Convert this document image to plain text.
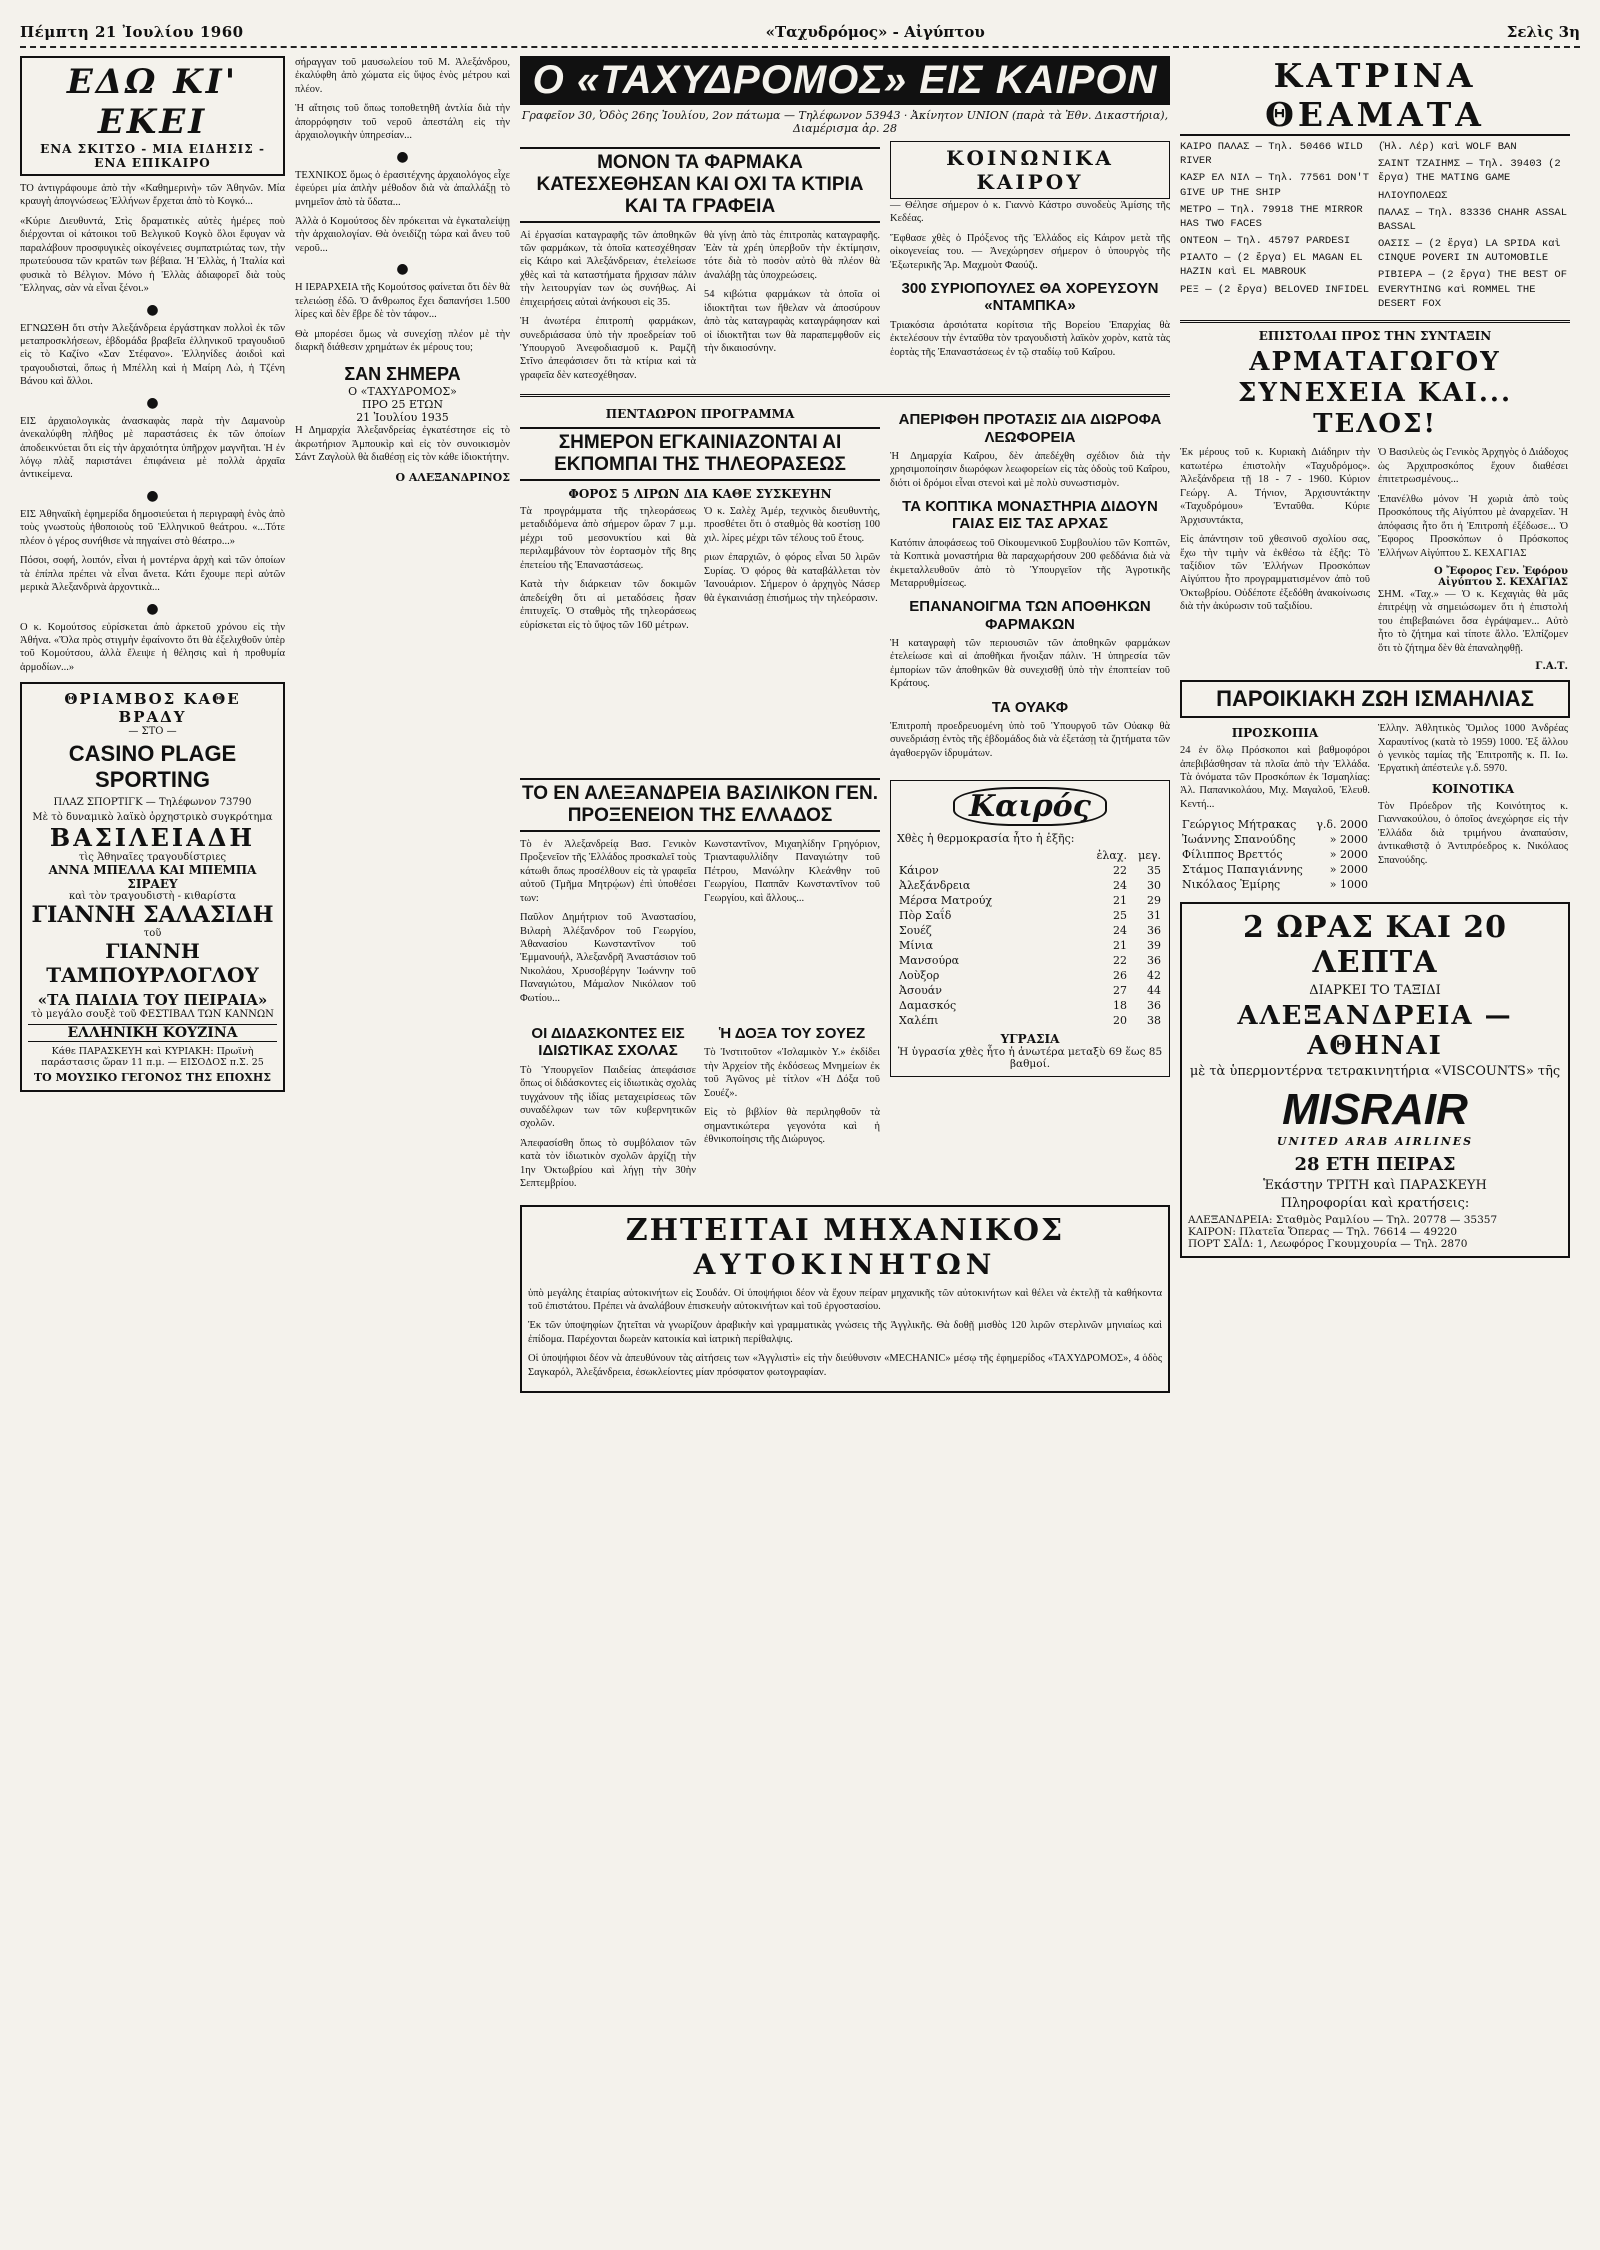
Πέμπτη 21 Ἰουλίου 1960	«Ταχυδρόμος» - Αἰγύπτου	Σελὶς 3η
ΕΔΩ ΚΙ' ΕΚΕΙ
ΕΝΑ ΣΚΙΤΣΟ - ΜΙΑ ΕΙΔΗΣΙΣ - ΕΝΑ ΕΠΙΚΑΙΡΟ

ΤΟ ἀντιγράφουμε ἀπὸ τὴν «Καθημερινὴ» τῶν Ἀθηνῶν. Μία κραυγὴ ἀπογνώσεως Ἑλλήνων ἔρχεται ἀπὸ τὸ Κογκό...

«Κύριε Διευθυντά, Στὶς δραματικὲς αὐτὲς ἡμέρες ποὺ διέρχονται οἱ κάτοικοι τοῦ Βελγικοῦ Κογκὸ ὅλοι ἔφυγαν νὰ παραλάβουν προσφυγικὲς οἰκογένειες συμπατριώτας των, τὴν πρωτεύουσα τῶν κρατῶν των βέβαια. Ἡ Ἑλλὰς, ἡ Ἰταλία καὶ φυσικὰ τὸ Βέλγιον. Μόνο ἡ Ἑλλὰς ἀδιαφορεῖ διὰ τοὺς Ἕλληνας, σὰν νὰ εἶναι ξένοι.»

●

ΕΓΝΩΣΘΗ ὅτι στὴν Ἀλεξάνδρεια ἐργάστηκαν πολλοὶ ἐκ τῶν μεταπροσκλήσεων, ἑβδομάδα βραβεῖα ἑλληνικοῦ τραγουδιοῦ εἰς τὸ Καζίνο «Σαν Στέφανο». Ἑλληνίδες ἀοιδοὶ καὶ τραγουδισταὶ, ὅπως ἡ Μπέλλη καὶ ἡ Μαίρη Λὼ, ἡ Τζένη Βάνου καὶ ἄλλοι.

●

ΕΙΣ ἀρχαιολογικὰς ἀνασκαφὰς παρὰ τὴν Δαμανοὺρ ἀνεκαλύφθη πλῆθος μὲ παραστάσεις ἐκ τῶν ὁποίων ἀποδεικνύεται ὅτι εἰς τὴν ἀρχαιότητα ὑπῆρχον μαγνῆται. Ἡ ἐν λόγῳ πλὰξ παριστάνει ἐπιφάνεια μὲ πολλὰ ἀρχαῖα ἀντικείμενα.

●

ΕΙΣ Ἀθηναϊκὴ ἐφημερίδα δημοσιεύεται ἡ περιγραφὴ ἑνὸς ἀπὸ τοὺς γνωστοὺς ἡθοποιοὺς τοῦ Ἑλληνικοῦ θεάτρου. «...Τότε πλέον ὁ γέρος συνήθισε νὰ πηγαίνει στὸ θέατρο...»

Πόσοι, σοφή, λοιπόν, εἶναι ἡ μοντέρνα ἀρχὴ καὶ τῶν ὁποίων τὰ ἐπίπλα πρέπει νὰ εἶναι ἄνετα. Κάτι ἔχουμε περὶ αὐτῶν μερικὰ Ἀλεξανδρινὰ ἀρχοντικὰ...

●

Ο κ. Κομούτσος εὐρίσκεται ἀπὸ ἀρκετοῦ χρόνου εἰς τὴν Ἀθήνα. «Ὅλα πρὸς στιγμὴν ἐφαίνοντο ὅτι θὰ ἐξελιχθοῦν ὑπὲρ τοῦ Κομούτσου, ἀλλὰ ἔλειψε ἡ θέλησις καὶ ἡ προθυμία ἀρμοδίων...»

ΘΡΙΑΜΒΟΣ ΚΑΘΕ ΒΡΑΔΥ
— ΣΤΟ —
CASINO PLAGE SPORTING
ΠΛΑΖ ΣΠΟΡΤΙΓΚ — Τηλέφωνον 73790
Μὲ τὸ δυναμικὸ λαϊκὸ ὀρχηστρικὸ συγκρότημα
ΒΑΣΙΛΕΙΑΔΗ
τὶς Ἀθηναῖες τραγουδίστριες
ΑΝΝΑ ΜΠΕΛΛΑ ΚΑΙ ΜΠΕΜΠΑ ΣΙΡΑΕΥ
καὶ τὸν τραγουδιστὴ - κιθαρίστα
ΓΙΑΝΝΗ ΣΑΛΑΣΙΔΗ
τοῦ
ΓΙΑΝΝΗ ΤΑΜΠΟΥΡΛΟΓΛΟΥ
«ΤΑ ΠΑΙΔΙΑ ΤΟΥ ΠΕΙΡΑΙΑ»
τὸ μεγάλο σουξὲ τοῦ ΦΕΣΤΙΒΑΛ ΤΩΝ ΚΑΝΝΩΝ
ΕΛΛΗΝΙΚΗ ΚΟΥΖΙΝΑ
Κάθε ΠΑΡΑΣΚΕΥΗ καὶ ΚΥΡΙΑΚΗ: Πρωϊνὴ παράστασις ὥραν 11 π.μ. — ΕΙΣΟΔΟΣ π.Σ. 25
ΤΟ ΜΟΥΣΙΚΟ ΓΕΓΟΝΟΣ ΤΗΣ ΕΠΟΧΗΣ

σήραγγαν τοῦ μαυσωλείου τοῦ Μ. Ἀλεξάνδρου, ἐκαλύφθη ἀπὸ χώματα εἰς ὕψος ἑνὸς μέτρου καὶ πλέον.

Ἡ αἴτησις τοῦ ὅπως τοποθετηθῆ ἀντλία διὰ τὴν ἀπορρόφησιν τοῦ νεροῦ ἀπεστάλη εἰς τὴν ἀρχαιολογικὴν ὑπηρεσίαν...

●

ΤΕΧΝΙΚΟΣ ὅμως ὁ ἐρασιτέχνης ἀρχαιολόγος εἶχε ἐφεύρει μία ἀπλὴν μέθοδον διὰ νὰ ἀπαλλάξῃ τὸ μνημεῖον ἀπὸ τὰ ὕδατα...

Ἀλλὰ ὁ Κομούτσος δὲν πρόκειται νὰ ἐγκαταλείψῃ τὴν ἀρχαιολογίαν. Θὰ ὀνειδίζῃ τώρα καὶ ἄνευ τοῦ νεροῦ...

●

Η ΙΕΡΑΡΧΕΙΑ τῆς Κομούτσος φαίνεται ὅτι δὲν θὰ τελειώσῃ ἐδῶ. Ὁ ἄνθρωπος ἔχει δαπανήσει 1.500 λίρες καὶ δὲν ἔβρε δὲ τὸν τάφον...

Θὰ μπορέσει ὅμως νὰ συνεχίσῃ πλέον μὲ τὴν διαρκῆ διάθεσιν χρημάτων ἐκ μέρους του;

ΣΑΝ ΣΗΜΕΡΑ
Ο «ΤΑΧΥΔΡΟΜΟΣ»
ΠΡΟ 25 ΕΤΩΝ
21 Ἰουλίου 1935

Η Δημαρχία Ἀλεξανδρείας ἐγκατέστησε εἰς τὸ ἀκρωτήριον Ἀμπουκὶρ καὶ εἰς τὸν συνοικισμὸν Σάντ Ζαγλοὺλ θὰ διαθέσῃ εἰς τὸν κάθε ἰδιοκτήτην.

Ο ΑΛΕΞΑΝΔΡΙΝΟΣ
Ο «ΤΑΧΥΔΡΟΜΟΣ» ΕΙΣ ΚΑΙΡΟΝ
Γραφεῖον 30, Ὁδὸς 26ης Ἰουλίου, 2ον πάτωμα — Τηλέφωνον 53943 · Ἀκίνητον UNION (παρὰ τὰ Ἐθν. Δικαστήρια), Διαμέρισμα ἀρ. 28
ΜΟΝΟΝ ΤΑ ΦΑΡΜΑΚΑ ΚΑΤΕΣΧΕΘΗΣΑΝ ΚΑΙ ΟΧΙ ΤΑ ΚΤΙΡΙΑ ΚΑΙ ΤΑ ΓΡΑΦΕΙΑ

Αἱ ἐργασίαι καταγραφῆς τῶν ἀποθηκῶν τῶν φαρμάκων, τὰ ὁποῖα κατεσχέθησαν εἰς Κάιρο καὶ Ἀλεξάνδρειαν, ἐτελείωσε χθὲς καὶ τὰ καταστήματα ἤρχισαν πάλιν τὴν λειτουργίαν των ὡς συνήθως. Αἱ ἐπιχειρήσεις αὐταὶ ἀνήκουσι εἰς 35.

Ἡ ἀνωτέρα ἐπιτροπὴ φαρμάκων, συνεδριάσασα ὑπὸ τὴν προεδρείαν τοῦ Ὑπουργοῦ Ἀνεφοδιασμοῦ κ. Ραμζῆ Στῖνο ἀπεφάσισεν ὅτι τὰ κτίρια καὶ τὰ γραφεῖα δὲν κατεσχέθησαν.

θὰ γίνῃ ἀπὸ τὰς ἐπιτροπὰς καταγραφῆς. Ἐὰν τὰ χρέη ὑπερβοῦν τὴν ἐκτίμησιν, τότε διὰ τὸ ποσὸν αὐτὸ θὰ πλέον θὰ ἀναλάβῃ τὰς ὑποχρεώσεις.

54 κιβώτια φαρμάκων τὰ ὁποῖα οἱ ἰδιοκτῆται των ἤθελαν νὰ ἀποσύρουν ἀπὸ τὰς καταγραφὰς καταγράφησαν καὶ οἱ ἰδιοκτῆται των θὰ παραπεμφθοῦν εἰς τὴν δικαιοσύνην.

ΚΟΙΝΩΝΙΚΑ ΚΑΙΡΟΥ

— Θέλησε σήμερον ὁ κ. Γιαννὸ Κάστρο συνοδεὺς Ἀμίσης τῆς Κεδέας.

Ἔφθασε χθὲς ὁ Πρόξενος τῆς Ἑλλάδος εἰς Κάιρον μετὰ τῆς οἰκογενείας του. — Ἀνεχώρησεν σήμερον ὁ ὑπουργὸς τῆς Ἐξωτερικῆς Ἄρ. Μαχμοὺτ Φαούζι.

300 ΣΥΡΙΟΠΟΥΛΕΣ ΘΑ ΧΟΡΕΥΣΟΥΝ «ΝΤΑΜΠΚΑ»

Τριακόσια ἀρσιότατα κορίτσια τῆς Βορείου Ἐπαρχίας θὰ ἐκτελέσουν τὴν ἐνταῦθα τὸν τραγουδιστὴ λαϊκὸν χορὸν, κατὰ τὰς ἑορτὰς τῆς Ἐπαναστάσεως ἐν τῷ σταδίῳ τοῦ Καΐρου.

ΠΕΝΤΑΩΡΟΝ ΠΡΟΓΡΑΜΜΑ
ΣΗΜΕΡΟΝ ΕΓΚΑΙΝΙΑΖΟΝΤΑΙ ΑΙ ΕΚΠΟΜΠΑΙ ΤΗΣ ΤΗΛΕΟΡΑΣΕΩΣ
ΦΟΡΟΣ 5 ΛΙΡΩΝ ΔΙΑ ΚΑΘΕ ΣΥΣΚΕΥΗΝ

Τὰ προγράμματα τῆς τηλεοράσεως μεταδιδόμενα ἀπὸ σήμερον ὥραν 7 μ.μ. μέχρι τοῦ μεσονυκτίου καὶ θὰ περιλαμβάνουν τὸν ἑορτασμὸν τῆς 8ης ἐπετείου τῆς Ἐπαναστάσεως.

Κατὰ τὴν διάρκειαν τῶν δοκιμῶν ἀπεδείχθη ὅτι αἱ μεταδόσεις ἦσαν ἐπιτυχεῖς. Ὁ σταθμὸς τῆς τηλεοράσεως εὑρίσκεται εἰς τὸ ὕψος τῶν 160 μέτρων.

Ὁ κ. Σαλὲχ Ἀμέρ, τεχνικὸς διευθυντὴς, προσθέτει ὅτι ὁ σταθμὸς θὰ κοστίσῃ 100 χιλ. λίρες μέχρι τῶν τέλους τοῦ ἔτους.

ριων ἐπαρχιῶν, ὁ φόρος εἶναι 50 λιρῶν Συρίας. Ὁ φόρος θὰ καταβάλλεται τὸν Ἰανουάριον. Σήμερον ὁ ἀρχηγὸς Νάσερ θὰ ἐγκαινιάσῃ ἐπισήμως τὴν τηλεόρασιν.

ΑΠΕΡΙΦΘΗ ΠΡΟΤΑΣΙΣ ΔΙΑ ΔΙΩΡΟΦΑ ΛΕΩΦΟΡΕΙΑ

Ἡ Δημαρχία Καΐρου, δὲν ἀπεδέχθη σχέδιον διὰ τὴν χρησιμοποίησιν διωρόφων λεωφορείων εἰς τὰς ὁδοὺς τοῦ Καΐρου, διότι οἱ δρόμοι εἶναι στενοὶ καὶ μὲ πολὺ συνωστισμὸν.

ΤΑ ΚΟΠΤΙΚΑ ΜΟΝΑΣΤΗΡΙΑ ΔΙΔΟΥΝ ΓΑΙΑΣ ΕΙΣ ΤΑΣ ΑΡΧΑΣ

Κατόπιν ἀποφάσεως τοῦ Οἰκουμενικοῦ Συμβουλίου τῶν Κοπτῶν, τὰ Κοπτικὰ μοναστήρια θὰ παραχωρήσουν 200 φεδδάνια διὰ νὰ ἐκμεταλλευθοῦν ἀπὸ τὸ Ὑπουργεῖον τῆς Ἀγροτικῆς Μεταρρυθμίσεως.

ΕΠΑΝΑΝΟΙΓΜΑ ΤΩΝ ΑΠΟΘΗΚΩΝ ΦΑΡΜΑΚΩΝ

Ἡ καταγραφὴ τῶν περιουσιῶν τῶν ἀποθηκῶν φαρμάκων ἐτελείωσε καὶ αἱ ἀποθῆκαι ἤνοιξαν πάλιν. Ἡ ὑπηρεσία τῶν ἐμπορίων τῶν ἀποθηκῶν θὰ συνεχισθῇ ὑπὸ τὴν ἐποπτείαν τοῦ Κράτους.

ΤΑ ΟΥΑΚΦ

Ἐπιτροπὴ προεδρευομένη ὑπὸ τοῦ Ὑπουργοῦ τῶν Οὐακφ θὰ συνεδριάσῃ ἐντὸς τῆς ἑβδομάδος διὰ νὰ ἐξετάσῃ τὰ ζητήματα τῶν ἀγαθοεργῶν ἱδρυμάτων.

ΤΟ ΕΝ ΑΛΕΞΑΝΔΡΕΙΑ ΒΑΣΙΛΙΚΟΝ ΓΕΝ. ΠΡΟΞΕΝΕΙΟΝ ΤΗΣ ΕΛΛΑΔΟΣ

Τὸ ἐν Ἀλεξανδρείᾳ Βασ. Γενικὸν Προξενεῖον τῆς Ἑλλάδος προσκαλεῖ τοὺς κάτωθι ὅπως προσέλθουν εἰς τὰ γραφεῖα αὐτοῦ (Τμῆμα Μητρῴων) ἐπὶ ὑποθέσει των:

Παῦλον Δημήτριον τοῦ Ἀναστασίου, Βιλαρὴ Ἀλέξανδρον τοῦ Γεωργίου, Ἀθανασίου Κωνσταντῖνον τοῦ Ἐμμανουήλ, Ἀλεξανδρῆ Ἀναστάσιον τοῦ Νικολάου, Χρυσοβέργην Ἰωάννην τοῦ Παναγιώτου, Μάμαλον Νικόλαον τοῦ Φωτίου...

Κωνσταντῖνον, Μιχαηλίδην Γρηγόριον, Τριανταφυλλίδην Παναγιώτην τοῦ Πέτρου, Μανώλην Κλεάνθην τοῦ Γεωργίου, Παππᾶν Κωνσταντῖνον τοῦ Γεωργίου, καὶ ἄλλους...

ΟΙ ΔΙΔΑΣΚΟΝΤΕΣ ΕΙΣ ΙΔΙΩΤΙΚΑΣ ΣΧΟΛΑΣ

Τὸ Ὑπουργεῖον Παιδείας ἀπεφάσισε ὅπως οἱ διδάσκοντες εἰς ἰδιωτικὰς σχολὰς τυγχάνουν τῆς ἰδίας μεταχειρίσεως τῶν συναδέλφων των τῶν κυβερνητικῶν σχολῶν.

Ἀπεφασίσθη ὅπως τὸ συμβόλαιον τῶν κατὰ τὸν ἰδιωτικὸν σχολῶν ἀρχίζῃ τὴν 1ην Ὀκτωβρίου καὶ λήγῃ τὴν 30ὴν Σεπτεμβρίου.

Ἡ ΔΟΞΑ ΤΟΥ ΣΟΥΕΖ

Τὸ Ἰνστιτοῦτον «Ἰσλαμικὸν Υ.» ἐκδίδει τὴν Ἀρχείον τῆς ἐκδόσεως Μνημείων ἐκ τοῦ Ἀγῶνος μὲ τίτλον «Ἡ Δόξα τοῦ Σουέζ».

Εἰς τὸ βιβλίον θὰ περιληφθοῦν τὰ σημαντικώτερα γεγονότα καὶ ἡ ἐθνικοποίησις τῆς Διώρυγος.

Καιρός
Χθὲς ἡ θερμοκρασία ἦτο ἡ ἑξῆς:
	ἐλαχ.	μεγ.
Κάιρον	22	35
Ἀλεξάνδρεια	24	30
Μέρσα Ματρούχ	21	29
Πὸρ Σαΐδ	25	31
Σουέζ	24	36
Μίνια	21	39
Μανσούρα	22	36
Λοὺξορ	26	42
Ἀσουάν	27	44
Δαμασκός	18	36
Χαλέπι	20	38
ΥΓΡΑΣΙΑ
Ἡ ὑγρασία χθὲς ἦτο ἡ ἀνωτέρα μεταξὺ 69 ἕως 85 βαθμοί.
ΖΗΤΕΙΤΑΙ ΜΗΧΑΝΙΚΟΣ
ΑΥΤΟΚΙΝΗΤΩΝ

ὑπὸ μεγάλης ἑταιρίας αὐτοκινήτων εἰς Σουδάν. Οἱ ὑποψήφιοι δέον νὰ ἔχουν πείραν μηχανικῆς τῶν αὐτοκινήτων καὶ θέλει νὰ ἐκτελῇ τὰ καθήκοντα τοῦ ἐπιστάτου. Πρέπει νὰ ἀναλάβουν ἐπισκευὴν αὐτοκινήτων καὶ τοῦ ἐργοστασίου.

Ἐκ τῶν ὑποψηφίων ζητεῖται νὰ γνωρίζουν ἀραβικὴν καὶ γραμματικὰς γνώσεις τῆς Ἀγγλικῆς. Θὰ δοθῇ μισθὸς 120 λιρῶν στερλινῶν μηνιαίως καὶ ἐπίδομα. Παρέχονται δωρεὰν κατοικία καὶ ἰατρικὴ περίθαλψις.

Οἱ ὑποψήφιοι δέον νὰ ἀπευθύνουν τὰς αἰτήσεις των «Ἀγγλιστὶ» εἰς τὴν διεύθυνσιν «MECHANIC» μέσῳ τῆς ἐφημερίδος «ΤΑΧΥΔΡΟΜΟΣ», 4 ὁδὸς Σαγκαρόλ, Ἀλεξάνδρεια, ἐσωκλείοντες μίαν πρόσφατον φωτογραφίαν.

ΚΑΤΡΙΝΑ ΘΕΑΜΑΤΑ
ΚΑΙΡΟ ΠΑΛΑΣ — Τηλ. 50466 WILD RIVER
ΚΑΣΡ ΕΛ ΝΙΛ — Τηλ. 77561 DON'T GIVE UP THE SHIP
ΜΕΤΡΟ — Τηλ. 79918 THE MIRROR HAS TWO FACES
ΟΝΤΕΟΝ — Τηλ. 45797 PARDESI
ΡΙΑΛΤΟ — (2 ἔργα) EL MAGAN EL HAZIN καὶ EL MABROUK
ΡΕΞ — (2 ἔργα) BELOVED INFIDEL
(Ἡλ. Λέρ) καὶ WOLF BAN
ΣΑΙΝΤ ΤΖΑΙΗΜΣ — Τηλ. 39403 (2 ἔργα) THE MATING GAME
ΗΛΙΟΥΠΟΛΕΩΣ
ΠΑΛΑΣ — Τηλ. 83336 CHAHR ASSAL BASSAL
ΟΑΣΙΣ — (2 ἔργα) LA SPIDA καὶ CINQUE POVERI IN AUTOMOBILE
ΡΙΒΙΕΡΑ — (2 ἔργα) THE BEST OF EVERYTHING καὶ ROMMEL THE DESERT FOX
ΕΠΙΣΤΟΛΑΙ ΠΡΟΣ ΤΗΝ ΣΥΝΤΑΞΙΝ
ΑΡΜΑΤΑΓΩΓΟΥ ΣΥΝΕΧΕΙΑ ΚΑΙ... ΤΕΛΟΣ!

Ἐκ μέρους τοῦ κ. Κυριακὴ Διάδηριν τὴν κατωτέρω ἐπιστολὴν «Ταχυδρόμος». Ἀλεξάνδρεια τῇ 18 - 7 - 1960. Κύριον Γεώργ. Α. Τήνιον, Ἀρχισυντάκτην «Ταχυδρόμου» Ἐνταῦθα. Κύριε Ἀρχισυντάκτα,

Εἰς ἀπάντησιν τοῦ χθεσινοῦ σχολίου σας, ἔχω τὴν τιμὴν νὰ ἐκθέσω τὰ ἑξῆς: Τὸ ταξίδιον τῶν Ἑλλήνων Προσκόπων Αἰγύπτου ἦτο προγραμματισμένον ἀπὸ τοῦ Ὀκτωβρίου. Οὐδέποτε ἐξεδόθη ἀνακοίνωσις διὰ τὴν ἀκύρωσιν τοῦ ταξιδίου.

Ὁ Βασιλεὺς ὡς Γενικὸς Ἀρχηγὸς ὁ Διάδοχος ὡς Ἀρχιπροσκόπος ἔχουν διαθέσει ἐπιτετρωσμένους...

Ἐπανέλθω μόνον Ἡ χωριὰ ἀπὸ τοὺς Προσκόπους τῆς Αἰγύπτου μὲ ἀναρχεῖαν. Ἡ ἀπόφασις ἦτο ὅτι ἡ Ἐπιτροπὴ ἐξέδωσε... Ὁ Ἔφορος Προσκόπων ὁ Πρόσκοπος Ἑλλήνων Αἰγύπτου Σ. ΚΕΧΑΓΙΑΣ

Ο Ἔφορος Γεν. Ἐφόρου Αἰγύπτου Σ. ΚΕΧΑΓΙΑΣ

ΣΗΜ. «Ταχ.» — Ὁ κ. Κεχαγιὰς θὰ μᾶς ἐπιτρέψῃ νὰ σημειώσωμεν ὅτι ἡ ἐπιστολή του ἐπιβεβαιώνει ὅσα ἐγράψαμεν... Αὐτὸ ἦτο τὸ ζήτημα καὶ τίποτε ἄλλο. Ἐλπίζομεν ὅτι τὸ ζήτημα δὲν θὰ ἐπαναληφθῇ.

Γ.Α.Τ.
ΠΑΡΟΙΚΙΑΚΗ ΖΩΗ ΙΣΜΑΗΛΙΑΣ
ΠΡΟΣΚΟΠΙΑ

24 ἐν ὅλῳ Πρόσκοποι καὶ βαθμοφόροι ἀπεβιβάσθησαν τὰ πλοῖα ἀπὸ τὴν Ἑλλάδα. Τὰ ὀνόματα τῶν Προσκόπων ἐκ Ἰσμαηλίας: Ἀλ. Παπανικολάου, Μιχ. Μαγαλοῦ, Ἐλευθ. Κεντή...

Γεώργιος Μήτρακας	γ.δ. 2000
Ἰωάννης Σπανούδης	» 2000
Φίλιππος Βρεττός	» 2000
Στάμος Παπαγιάννης	» 2000
Νικόλαος Ἐμίρης	» 1000

Ἑλλην. Ἀθλητικὸς Ὅμιλος 1000 Ἀνδρέας Χαραυτίνος (κατὰ τὸ 1959) 1000. Ἐξ ἄλλου ὁ γενικὸς ταμίας τῆς Ἑπιτροπῆς κ. Π. Ιω. Ἐργατικὴ ἀπέστειλε γ.δ. 5970.

ΚΟΙΝΟΤΙΚΑ

Τὸν Πρόεδρον τῆς Κοινότητος κ. Γιαννακούλου, ὁ ὁποῖος ἀνεχώρησε εἰς τὴν Ἑλλάδα διὰ τριμήνου ἀναπαύσιν, ἀντικαθιστᾷ ὁ Ἀντιπρόεδρος κ. Νικόλαος Σπανούδης.

2 ΩΡΑΣ ΚΑΙ 20 ΛΕΠΤΑ
ΔΙΑΡΚΕΙ ΤΟ ΤΑΞΙΔΙ
ΑΛΕΞΑΝΔΡΕΙΑ — ΑΘΗΝΑΙ
μὲ τὰ ὑπερμοντέρνα τετρακινητήρια «VISCOUNTS» τῆς
MISRAIR
UNITED ARAB AIRLINES
28 ΕΤΗ ΠΕΙΡΑΣ
Ἑκάστην ΤΡΙΤΗ καὶ ΠΑΡΑΣΚΕΥΗ
Πληροφορίαι καὶ κρατήσεις:
ΑΛΕΞΑΝΔΡΕΙΑ: Σταθμὸς Ραμλίου — Τηλ. 20778 — 35357
ΚΑΙΡΟΝ: Πλατεῖα Ὄπερας — Τηλ. 76614 — 49220
ΠΟΡΤ ΣΑΪΔ: 1, Λεωφόρος Γκουμχουρία — Τηλ. 2870
